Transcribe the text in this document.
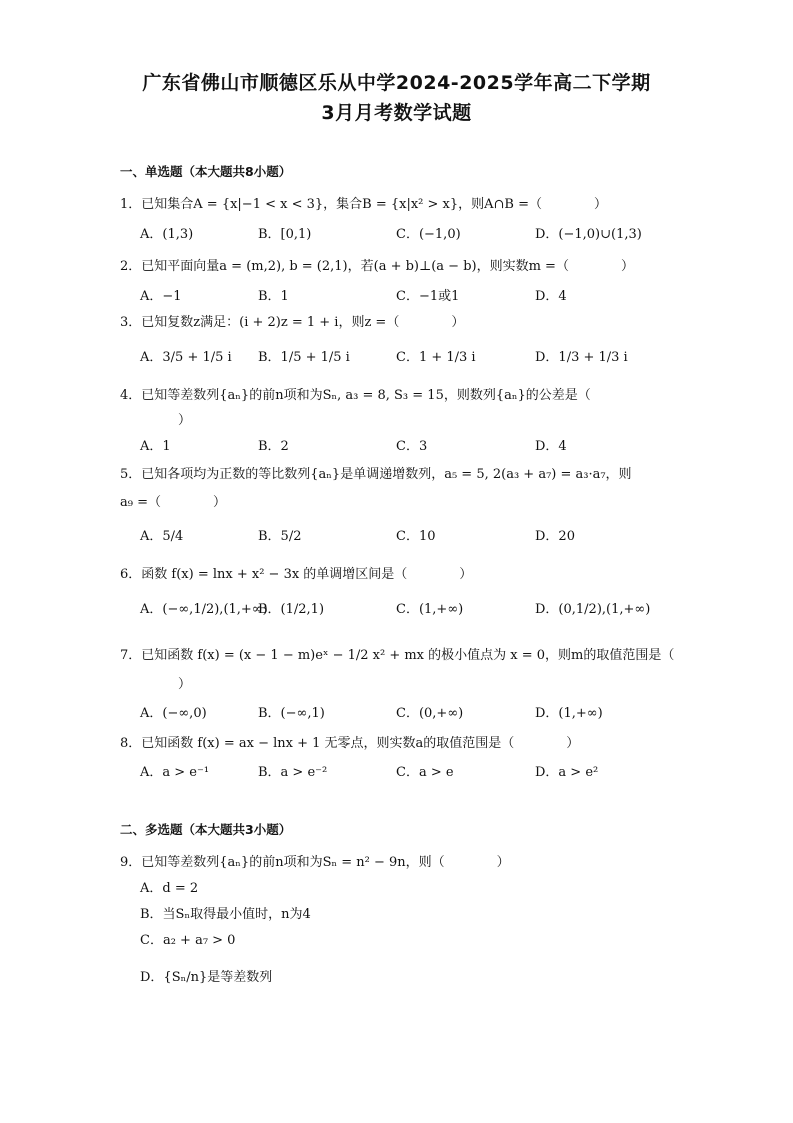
广东省佛山市顺德区乐从中学2024-2025学年高二下学期
3月月考数学试题
一、单选题（本大题共8小题）
1．已知集合A = {x|−1 < x < 3}，集合B = {x|x² > x}，则A∩B =（　　　　）
A．(1,3)	B．[0,1)	C．(−1,0)	D．(−1,0)∪(1,3)
2．已知平面向量a = (m,2), b = (2,1)，若(a + b)⊥(a − b)，则实数m =（　　　　）
A．−1	B．1	C．−1或1	D．4
3．已知复数z满足：(i + 2)z = 1 + i，则z =（　　　　）
A．3/5 + 1/5 i B．1/5 + 1/5 i	C．1 + 1/3 i	D．1/3 + 1/3 i
4．已知等差数列{aₙ}的前n项和为Sₙ, a₃ = 8, S₃ = 15，则数列{aₙ}的公差是（
）
A．1	B．2	C．3	D．4
5．已知各项均为正数的等比数列{aₙ}是单调递增数列，a₅ = 5, 2(a₃ + a₇) = a₃·a₇，则
a₉ =（　　　　）
A．5/4	B．5/2	C．10	D．20
6．函数 f(x) = lnx + x² − 3x 的单调增区间是（　　　　）
A．(−∞,1/2),(1,+∞)
B．(1/2,1)	C．(1,+∞)	D．(0,1/2),(1,+∞)
7．已知函数 f(x) = (x − 1 − m)eˣ − 1/2 x² + mx 的极小值点为 x = 0，则m的取值范围是（
）
A．(−∞,0)	B．(−∞,1)	C．(0,+∞)	D．(1,+∞)
8．已知函数 f(x) = ax − lnx + 1 无零点，则实数a的取值范围是（　　　　）
A．a > e⁻¹	B．a > e⁻²	C．a > e	D．a > e²
二、多选题（本大题共3小题）
9．已知等差数列{aₙ}的前n项和为Sₙ = n² − 9n，则（　　　　）
A．d = 2
B．当Sₙ取得最小值时，n为4
C．a₂ + a₇ > 0
D．{Sₙ/n}是等差数列
